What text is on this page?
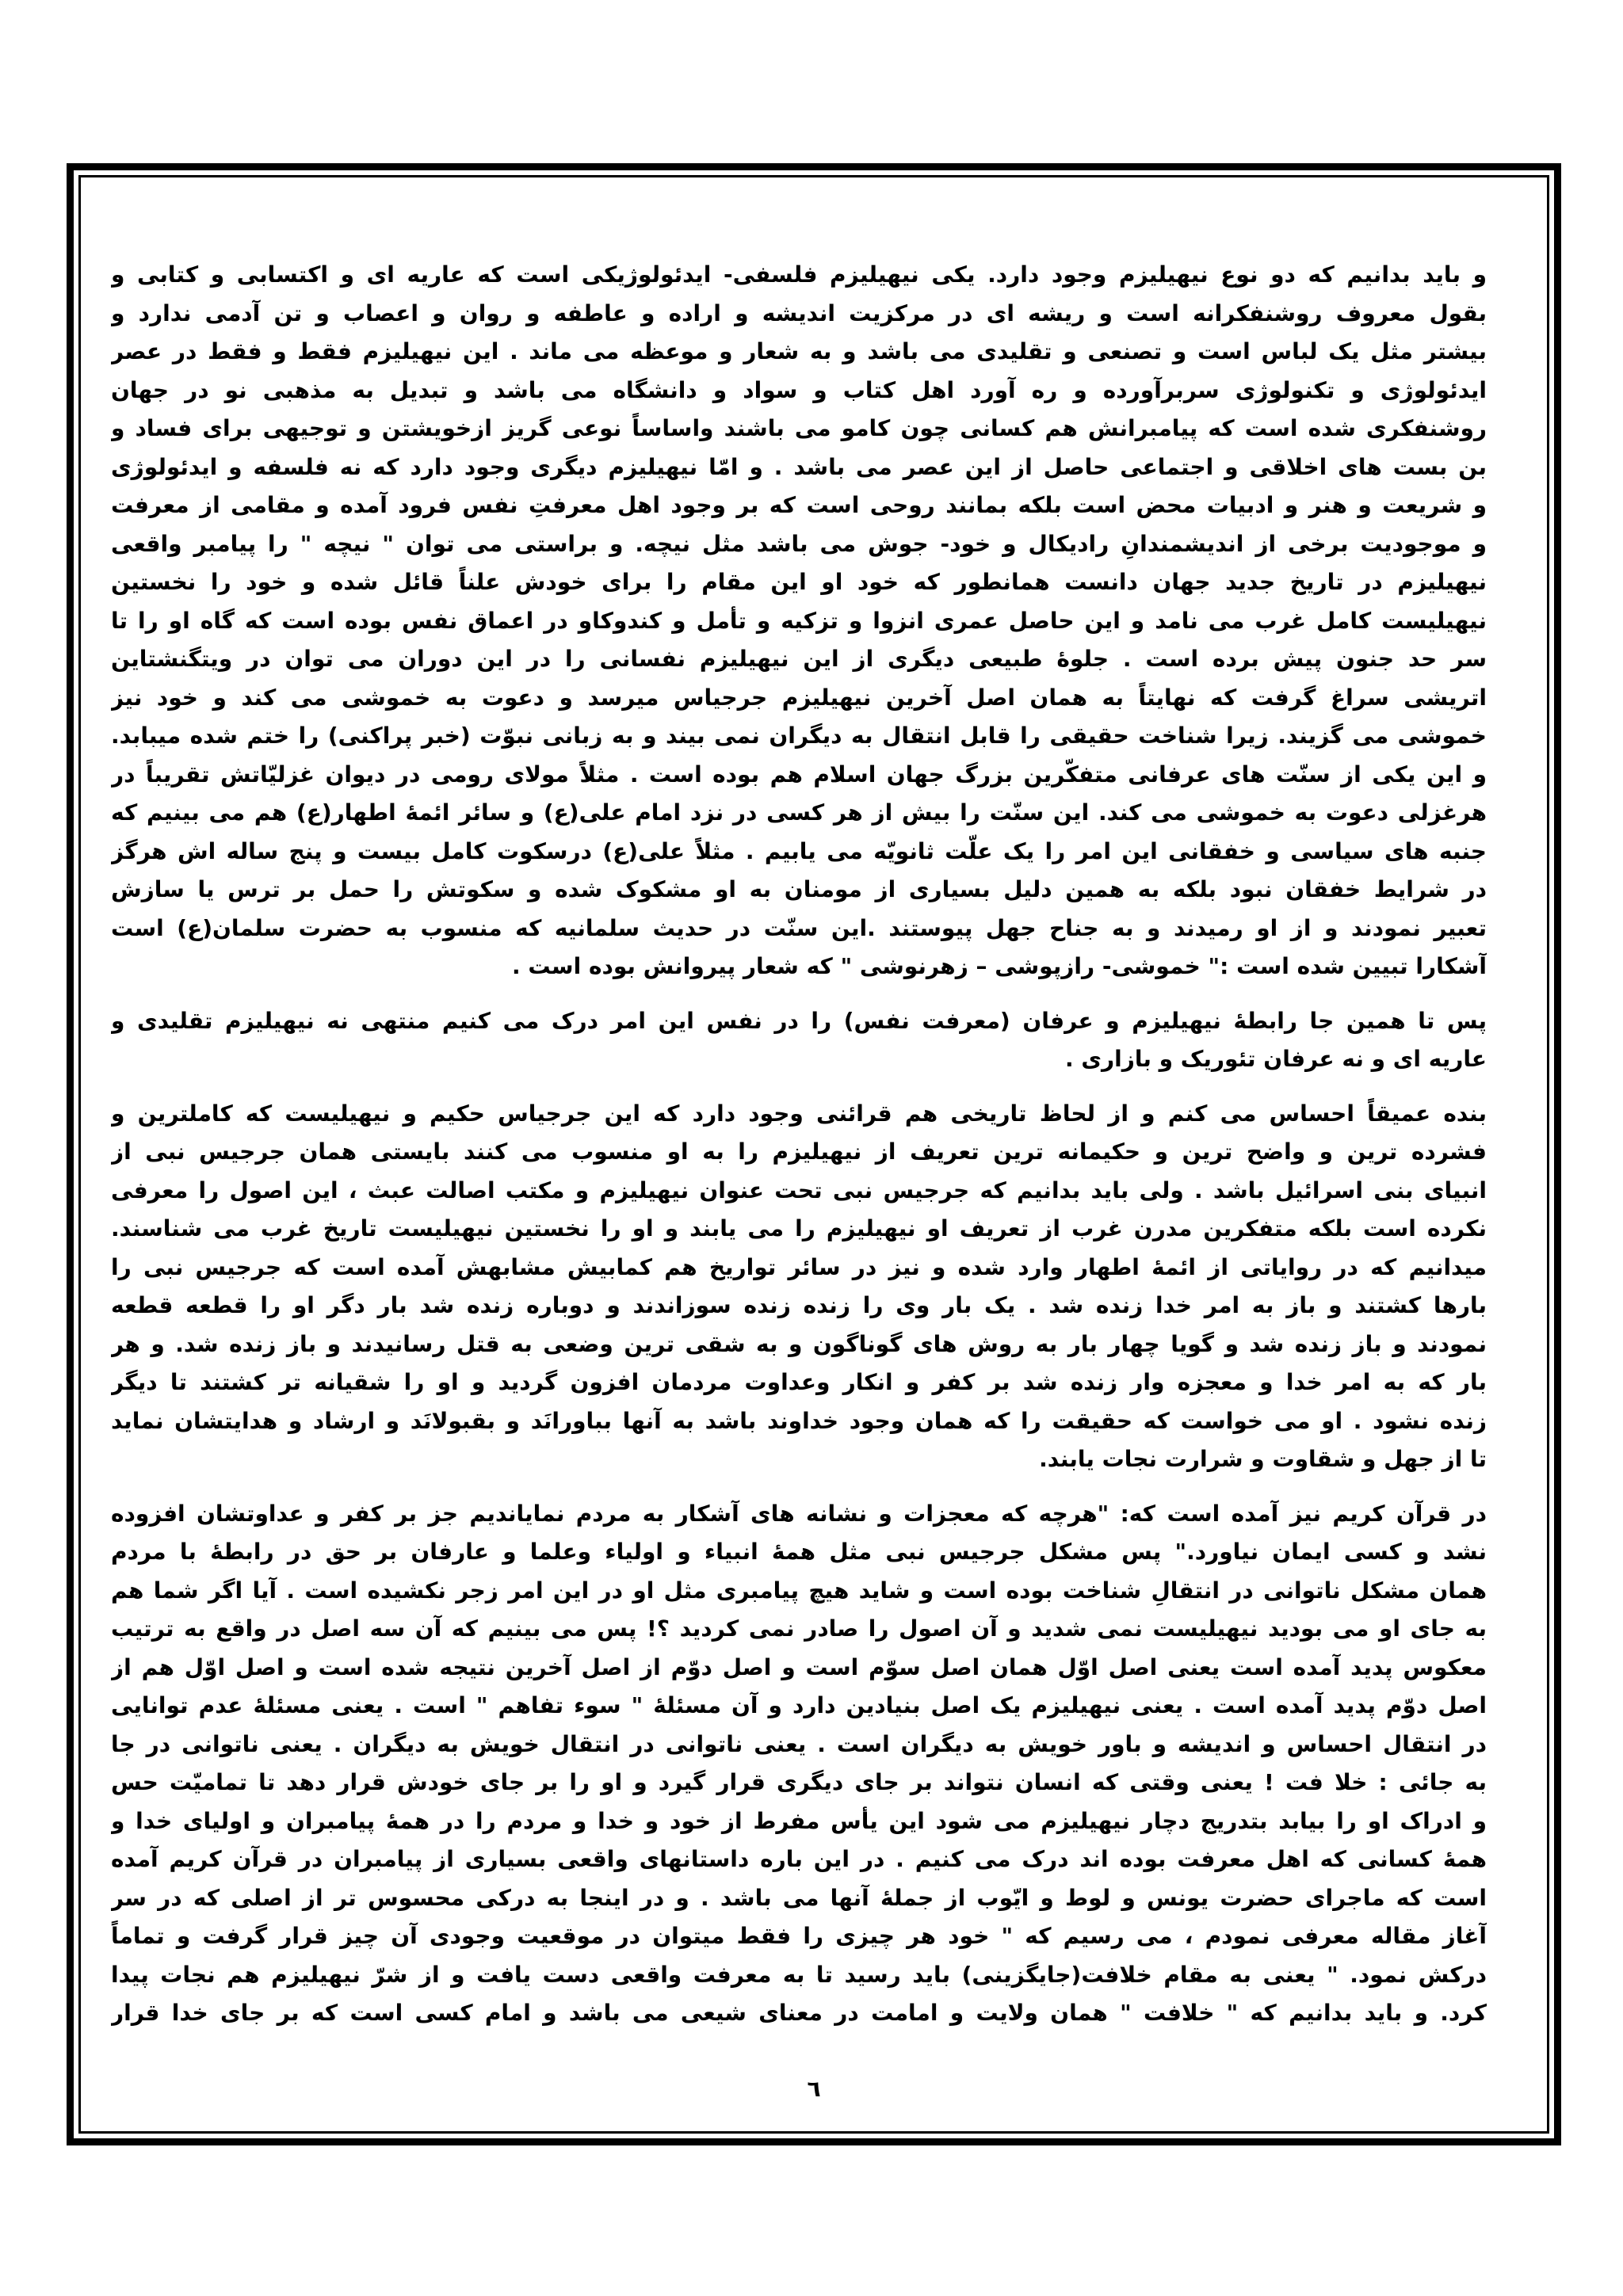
و باید بدانیم که دو نوع نیهیلیزم وجود دارد. یکی نیهیلیزم فلسفی- ایدئولوژیکی است که عاریه ای و اکتسابی و کتابی و
بقول معروف روشنفکرانه است و ریشه ای در مرکزیت اندیشه و اراده و عاطفه و روان و اعصاب و تن آدمی ندارد و
بیشتر مثل یک لباس است و تصنعی و تقلیدی می باشد و به شعار و موعظه می ماند . این نیهیلیزم فقط و فقط در عصر
ایدئولوژی و تکنولوژی سربرآورده و ره آورد اهل کتاب و سواد و دانشگاه می باشد و تبدیل به مذهبی نو در جهان
روشنفکری شده است که پیامبرانش هم کسانی چون کامو می باشند واساساً نوعی گریز ازخویشتن و توجیهی برای فساد و
بن بست های اخلاقی و اجتماعی حاصل از این عصر می باشد . و امّا نیهیلیزم دیگری وجود دارد که نه فلسفه و ایدئولوژی
و شریعت و هنر و ادبیات محض است بلکه بمانند روحی است که بر وجود اهل معرفتِ نفس فرود آمده و مقامی از معرفت
و موجودیت برخی از اندیشمندانِ رادیکال و خود- جوش می باشد مثل نیچه. و براستی می توان " نیچه " را پیامبر واقعی
نیهیلیزم در تاریخ جدید جهان دانست همانطور که خود او این مقام را برای خودش علناً قائل شده و خود را نخستین
نیهیلیست کامل غرب می نامد و این حاصل عمری انزوا و تزکیه و تأمل و کندوکاو در اعماق نفس بوده است که گاه او را تا
سر حد جنون پیش برده است . جلوهٔ طبیعی دیگری از این نیهیلیزم نفسانی را در این دوران می توان در ویتگنشتاین
اتریشی سراغ گرفت که نهایتاً به همان اصل آخرین نیهیلیزم جرجیاس میرسد و دعوت به خموشی می کند و خود نیز
خموشی می گزیند. زیرا شناخت حقیقی را قابل انتقال به دیگران نمی بیند و به زبانی نبوّت (خبر پراکنی) را ختم شده میبابد.
و این یکی از سنّت های عرفانی متفکّرین بزرگ جهان اسلام هم بوده است . مثلاً مولای رومی در دیوان غزلیّاتش تقریباً در
هرغزلی دعوت به خموشی می کند. این سنّت را بیش از هر کسی در نزد امام علی(ع) و سائر ائمهٔ اطهار(ع) هم می بینیم که
جنبه های سیاسی و خفقانی این امر را یک علّت ثانویّه می یابیم . مثلاً علی(ع) درسکوت کامل بیست و پنج ساله اش هرگز
در شرایط خفقان نبود بلکه به همین دلیل بسیاری از مومنان به او مشکوک شده و سکوتش را حمل بر ترس یا سازش
تعبیر نمودند و از او رمیدند و به جناح جهل پیوستند .این سنّت در حدیث سلمانیه که منسوب به حضرت سلمان(ع) است
آشکارا تبیین شده است :" خموشی- رازپوشی – زهرنوشی " که شعار پیروانش بوده است .
پس تا همین جا رابطهٔ نیهیلیزم و عرفان (معرفت نفس) را در نفس این امر درک می کنیم منتهی نه نیهیلیزم تقلیدی و
عاریه ای و نه عرفان تئوریک و بازاری .
بنده عمیقاً احساس می کنم و از لحاظ تاریخی هم قرائنی وجود دارد که این جرجیاس حکیم و نیهیلیست که کاملترین و
فشرده ترین و واضح ترین و حکیمانه ترین تعریف از نیهیلیزم را به او منسوب می کنند بایستی همان جرجیس نبی از
انبیای بنی اسرائیل باشد . ولی باید بدانیم که جرجیس نبی تحت عنوان نیهیلیزم و مکتب اصالت عبث ، این اصول را معرفی
نکرده است بلکه متفکرین مدرن غرب از تعریف او نیهیلیزم را می یابند و او را نخستین نیهیلیست تاریخ غرب می شناسند.
میدانیم که در روایاتی از ائمهٔ اطهار وارد شده و نیز در سائر تواریخ هم کمابیش مشابهش آمده است که جرجیس نبی را
بارها کشتند و باز به امر خدا زنده شد . یک بار وی را زنده زنده سوزاندند و دوباره زنده شد بار دگر او را قطعه قطعه
نمودند و باز زنده شد و گویا چهار بار به روش های گوناگون و به شقی ترین وضعی به قتل رسانیدند و باز زنده شد. و هر
بار که به امر خدا و معجزه وار زنده شد بر کفر و انکار وعداوت مردمان افزون گردید و او را شقیانه تر کشتند تا دیگر
زنده نشود . او می خواست که حقیقت را که همان وجود خداوند باشد به آنها بباورانَد و بقبولانَد و ارشاد و هدایتشان نماید
تا از جهل و شقاوت و شرارت نجات یابند.
در قرآن کریم نیز آمده است که: "هرچه که معجزات و نشانه های آشکار به مردم نمایاندیم جز بر کفر و عداوتشان افزوده
نشد و کسی ایمان نیاورد." پس مشکل جرجیس نبی مثل همهٔ انبیاء و اولیاء وعلما و عارفان بر حق در رابطهٔ با مردم
همان مشکل ناتوانی در انتقالِ شناخت بوده است و شاید هیچ پیامبری مثل او در این امر زجر نکشیده است . آیا اگر شما هم
به جای او می بودید نیهیلیست نمی شدید و آن اصول را صادر نمی کردید ؟! پس می بینیم که آن سه اصل در واقع به ترتیب
معکوس پدید آمده است یعنی اصل اوّل همان اصل سوّم است و اصل دوّم از اصل آخرین نتیجه شده است و اصل اوّل هم از
اصل دوّم پدید آمده است . یعنی نیهیلیزم یک اصل بنیادین دارد و آن مسئلهٔ " سوء تفاهم " است . یعنی مسئلهٔ عدم توانایی
در انتقال احساس و اندیشه و باور خویش به دیگران است . یعنی ناتوانی در انتقال خویش به دیگران . یعنی ناتوانی در جا
به جائی : خلا فت ! یعنی وقتی که انسان نتواند بر جای دیگری قرار گیرد و او را بر جای خودش قرار دهد تا تمامیّت حس
و ادراک او را بیابد بتدریج دچار نیهیلیزم می شود این یأس مفرط از خود و خدا و مردم را در همهٔ پیامبران و اولیای خدا و
همهٔ کسانی که اهل معرفت بوده اند درک می کنیم . در این باره داستانهای واقعی بسیاری از پیامبران در قرآن کریم آمده
است که ماجرای حضرت یونس و لوط و ایّوب از جملهٔ آنها می باشد . و در اینجا به درکی محسوس تر از اصلی که در سر
آغاز مقاله معرفی نمودم ، می رسیم که " خود هر چیزی را فقط میتوان در موقعیت وجودی آن چیز قرار گرفت و تماماً
درکش نمود. " یعنی به مقام خلافت(جایگزینی) باید رسید تا به معرفت واقعی دست یافت و از شرّ نیهیلیزم هم نجات پیدا
کرد. و باید بدانیم که " خلافت " همان ولایت و امامت در معنای شیعی می باشد و امام کسی است که بر جای خدا قرار
٦
